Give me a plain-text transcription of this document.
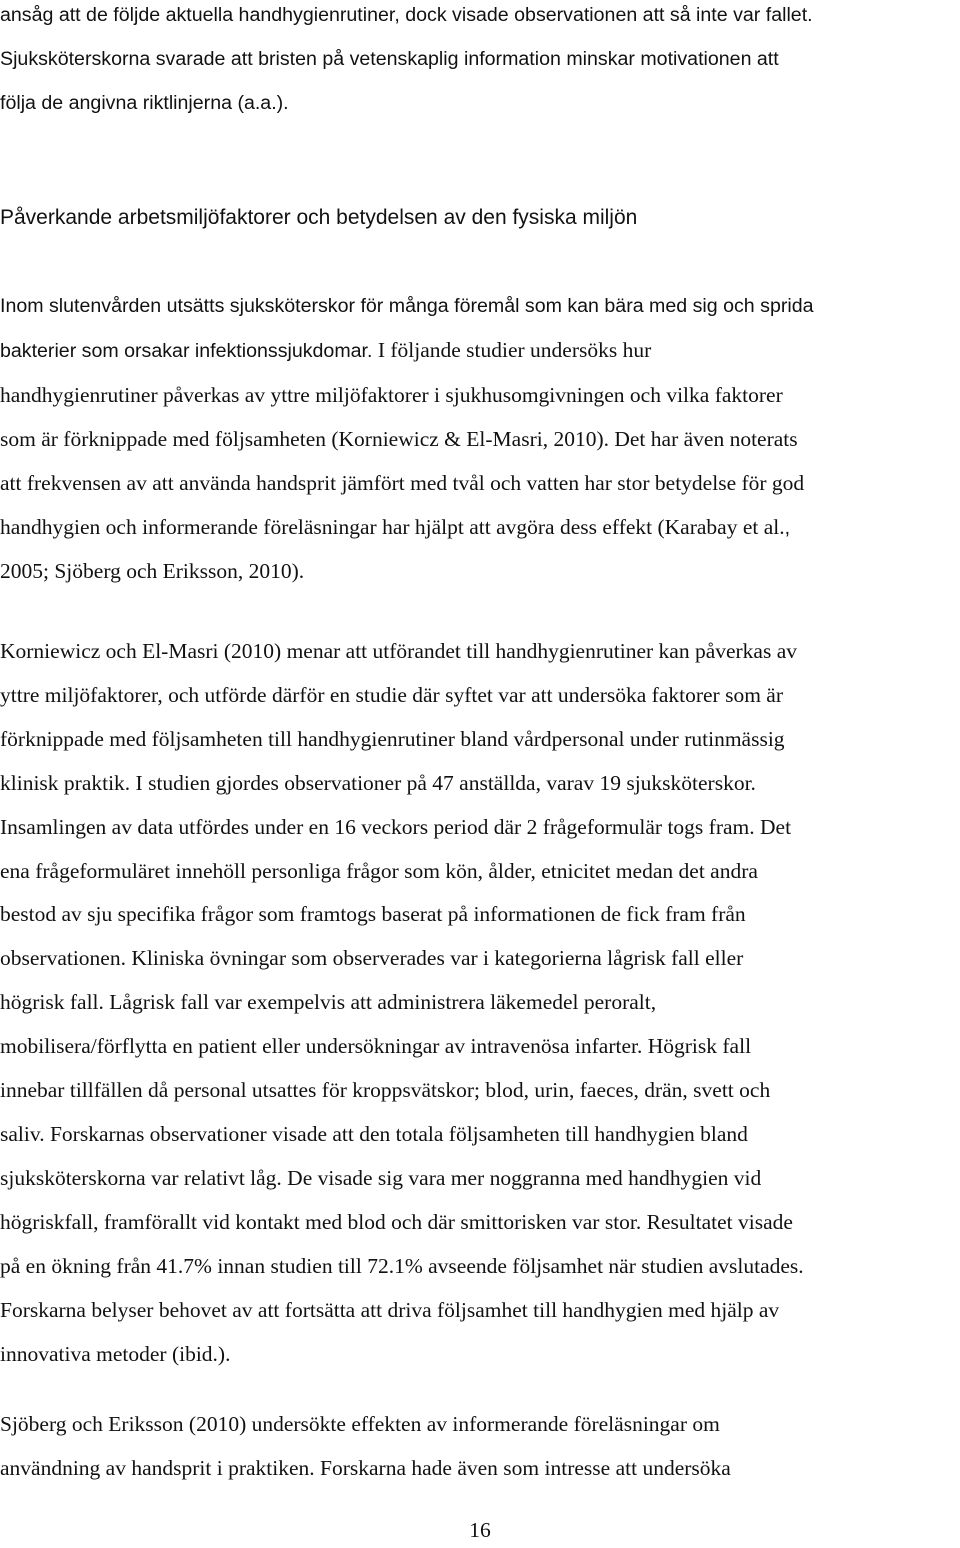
ansåg att de följde aktuella handhygienrutiner, dock visade observationen att så inte var fallet.
Sjuksköterskorna svarade att bristen på vetenskaplig information minskar motivationen att
följa de angivna riktlinjerna (a.a.).

Påverkande arbetsmiljöfaktorer och betydelsen av den fysiska miljön

Inom slutenvården utsätts sjuksköterskor för många föremål som kan bära med sig och sprida
bakterier som orsakar infektionssjukdomar. I följande studier undersöks hur
handhygienrutiner påverkas av yttre miljöfaktorer i sjukhusomgivningen och vilka faktorer
som är förknippade med följsamheten (Korniewicz & El-Masri, 2010). Det har även noterats
att frekvensen av att använda handsprit jämfört med tvål och vatten har stor betydelse för god
handhygien och informerande föreläsningar har hjälpt att avgöra dess effekt (Karabay et al.,
2005; Sjöberg och Eriksson, 2010).

Korniewicz och El-Masri (2010) menar att utförandet till handhygienrutiner kan påverkas av
yttre miljöfaktorer, och utförde därför en studie där syftet var att undersöka faktorer som är
förknippade med följsamheten till handhygienrutiner bland vårdpersonal under rutinmässig
klinisk praktik. I studien gjordes observationer på 47 anställda, varav 19 sjuksköterskor.
Insamlingen av data utfördes under en 16 veckors period där 2 frågeformulär togs fram. Det
ena frågeformuläret innehöll personliga frågor som kön, ålder, etnicitet medan det andra
bestod av sju specifika frågor som framtogs baserat på informationen de fick fram från
observationen. Kliniska övningar som observerades var i kategorierna lågrisk fall eller
högrisk fall. Lågrisk fall var exempelvis att administrera läkemedel peroralt,
mobilisera/förflytta en patient eller undersökningar av intravenösa infarter. Högrisk fall
innebar tillfällen då personal utsattes för kroppsvätskor; blod, urin, faeces, drän, svett och
saliv. Forskarnas observationer visade att den totala följsamheten till handhygien bland
sjuksköterskorna var relativt låg. De visade sig vara mer noggranna med handhygien vid
högriskfall, framförallt vid kontakt med blod och där smittorisken var stor. Resultatet visade
på en ökning från 41.7% innan studien till 72.1% avseende följsamhet när studien avslutades.
Forskarna belyser behovet av att fortsätta att driva följsamhet till handhygien med hjälp av
innovativa metoder (ibid.).

Sjöberg och Eriksson (2010) undersökte effekten av informerande föreläsningar om
användning av handsprit i praktiken. Forskarna hade även som intresse att undersöka

16
